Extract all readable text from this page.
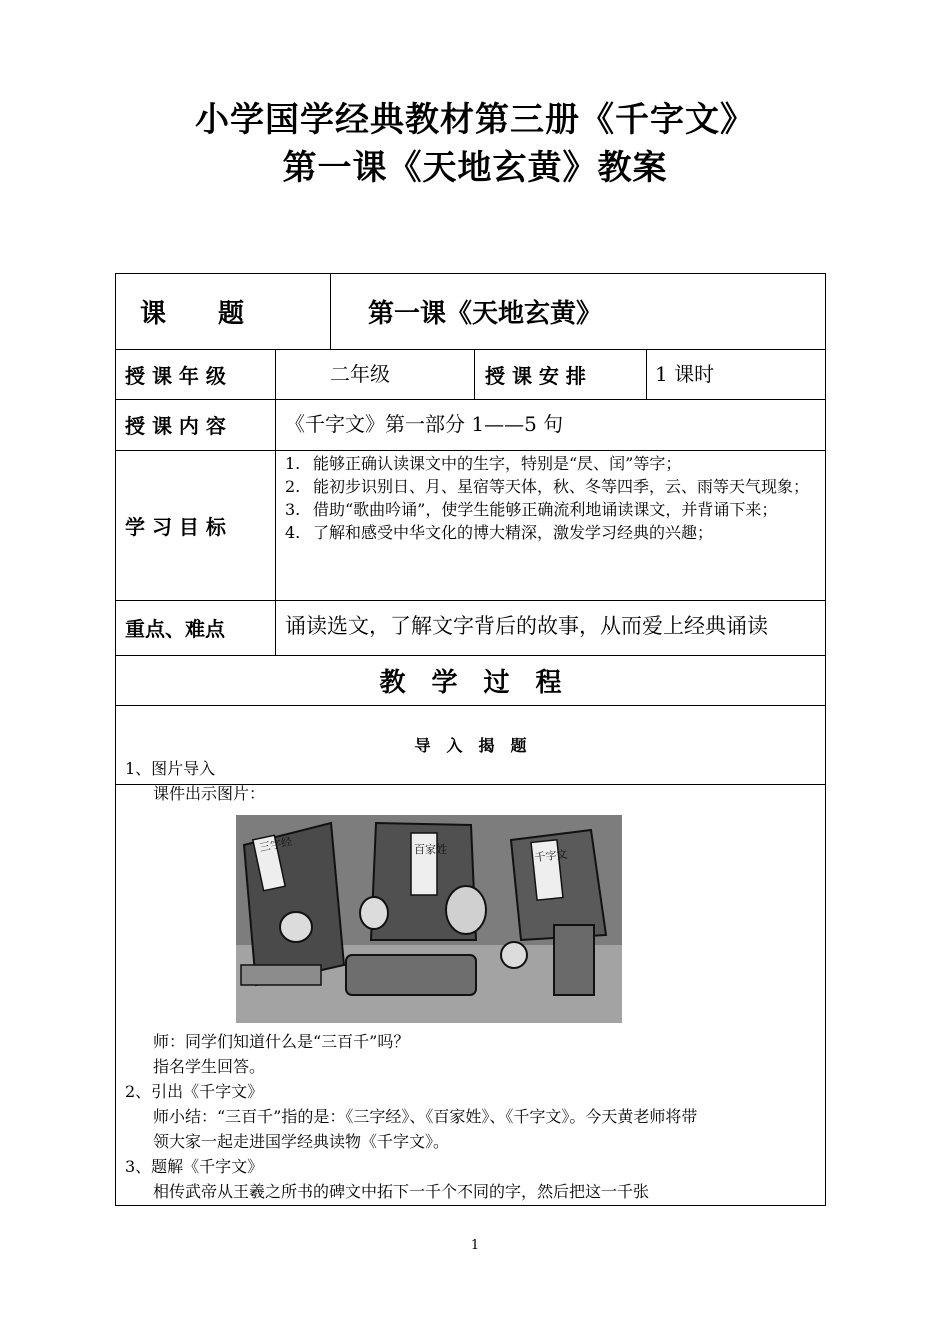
小学国学经典教材第三册《千字文》
第一课《天地玄黄》教案
课　　题	第一课《天地玄黄》
授 课 年 级	二年级	授 课 安 排	1 课时
授 课 内 容	《千字文》第一部分 1——5 句
学 习 目 标
1. 能够正确认读课文中的生字，特别是“昃、闰”等字；
2. 能初步识别日、月、星宿等天体，秋、冬等四季，云、雨等天气现象；
3. 借助“歌曲吟诵”，使学生能够正确流利地诵读课文，并背诵下来；
4. 了解和感受中华文化的博大精深，激发学习经典的兴趣；
重点、难点	诵读选文，了解文字背后的故事，从而爱上经典诵读
教　学　过　程
导　入　揭　题
1、图片导入
课件出示图片：
三字经	百家姓	千字文
师：同学们知道什么是“三百千”吗？
指名学生回答。
2、引出《千字文》
师小结：“三百千”指的是：《三字经》、《百家姓》、《千字文》。今天黄老师将带
领大家一起走进国学经典读物《千字文》。
3、题解《千字文》
相传武帝从王羲之所书的碑文中拓下一千个不同的字，然后把这一千张
1
